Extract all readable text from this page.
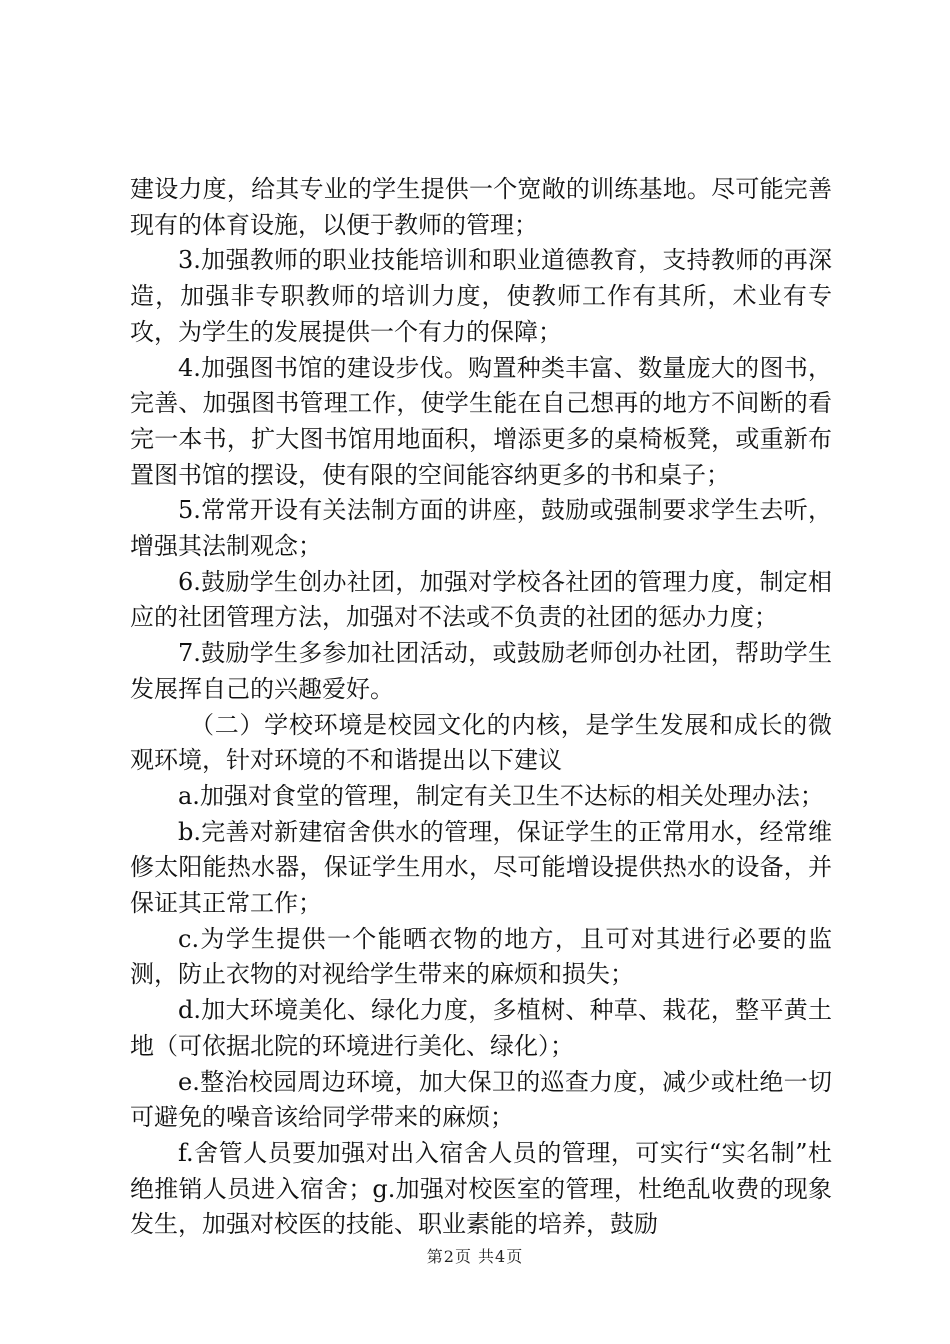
建设力度，给其专业的学生提供一个宽敞的训练基地。尽可能完善现有的体育设施，以便于教师的管理；

3.加强教师的职业技能培训和职业道德教育，支持教师的再深造，加强非专职教师的培训力度，使教师工作有其所，术业有专攻，为学生的发展提供一个有力的保障；

4.加强图书馆的建设步伐。购置种类丰富、数量庞大的图书，完善、加强图书管理工作，使学生能在自己想再的地方不间断的看完一本书，扩大图书馆用地面积，增添更多的桌椅板凳，或重新布置图书馆的摆设，使有限的空间能容纳更多的书和桌子；

5.常常开设有关法制方面的讲座，鼓励或强制要求学生去听，增强其法制观念；

6.鼓励学生创办社团，加强对学校各社团的管理力度，制定相应的社团管理方法，加强对不法或不负责的社团的惩办力度；

7.鼓励学生多参加社团活动，或鼓励老师创办社团，帮助学生发展挥自己的兴趣爱好。

（二）学校环境是校园文化的内核，是学生发展和成长的微观环境，针对环境的不和谐提出以下建议

a.加强对食堂的管理，制定有关卫生不达标的相关处理办法；

b.完善对新建宿舍供水的管理，保证学生的正常用水，经常维修太阳能热水器，保证学生用水，尽可能增设提供热水的设备，并保证其正常工作；

c.为学生提供一个能晒衣物的地方，且可对其进行必要的监测，防止衣物的对视给学生带来的麻烦和损失；

d.加大环境美化、绿化力度，多植树、种草、栽花，整平黄土地（可依据北院的环境进行美化、绿化）；

e.整治校园周边环境，加大保卫的巡查力度，减少或杜绝一切可避免的噪音该给同学带来的麻烦；

f.舍管人员要加强对出入宿舍人员的管理，可实行“实名制”杜绝推销人员进入宿舍；g.加强对校医室的管理，杜绝乱收费的现象发生，加强对校医的技能、职业素能的培养，鼓励

第2页 共4页
